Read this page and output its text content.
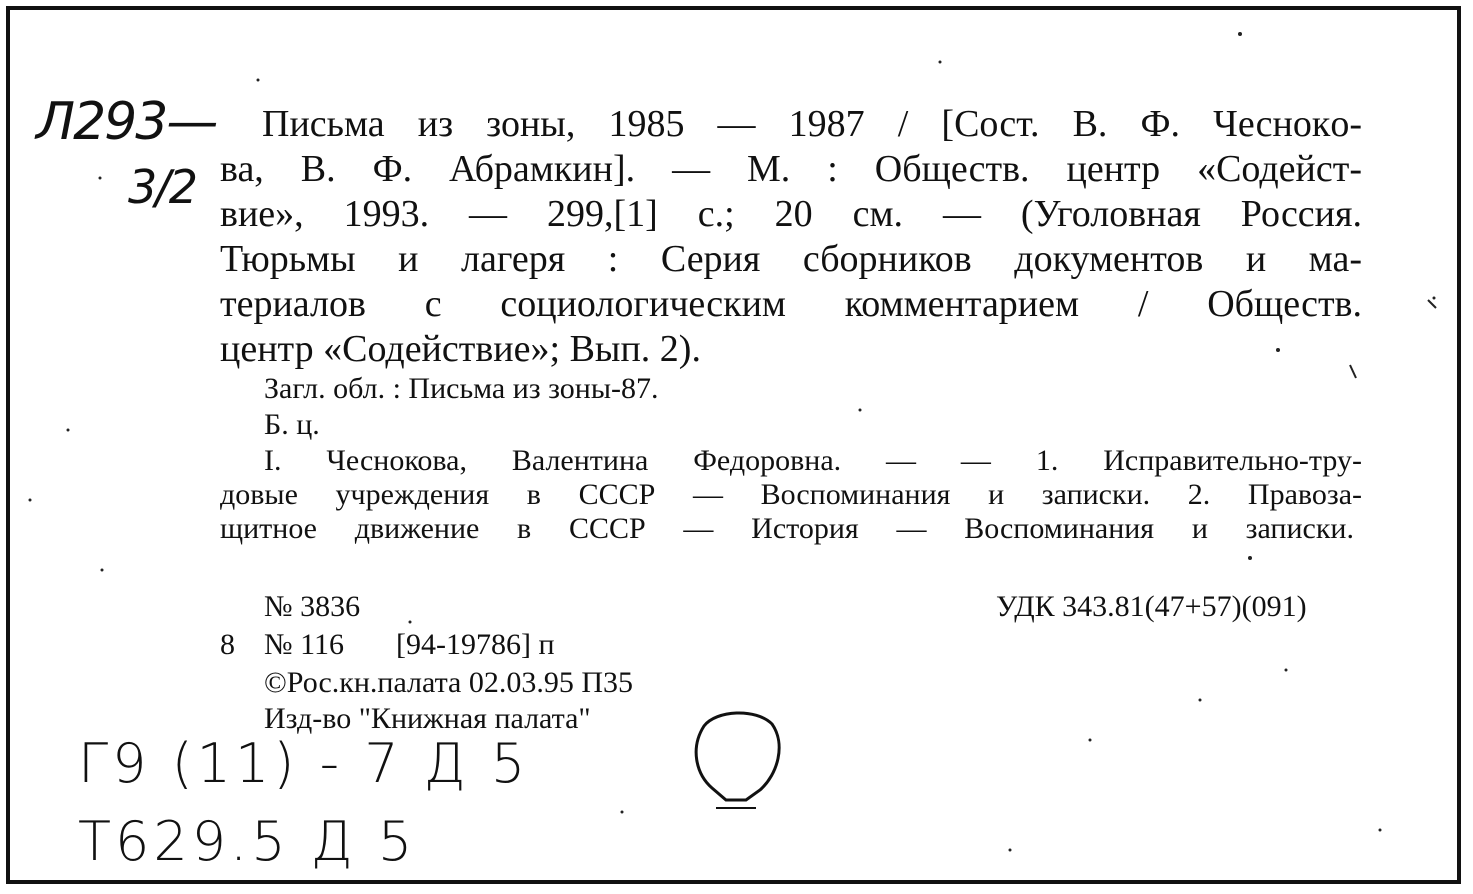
Л293—
3/2
Г9 (11) - 7 Д 5
Т629.5 Д 5
Письма из зоны, 1985 — 1987 / [Сост. В. Ф. Чеснокo-
ва, В. Ф. Абрамкин]. — М. : Обществ. центр «Содейст-
вие», 1993. — 299,[1] с.; 20 см. — (Уголовная Россия.
Тюрьмы и лагеря : Серия сборников документов и ма-
териалов с социологическим комментарием / Обществ.
центр «Содействие»; Вып. 2).
Загл. обл. : Письма из зоны-87.
Б. ц.
I. Чеснокова, Валентина Федоровна. — — 1. Исправительно-тру-
довые учреждения в СССР — Воспоминания и записки. 2. Правоза-
щитное движение в СССР — История — Воспоминания и записки.
№ 3836	УДК 343.81(47+57)(091)
8 № 116 [94-19786] п
©Рос.кн.палата 02.03.95 П35
Изд-во "Книжная палата"
